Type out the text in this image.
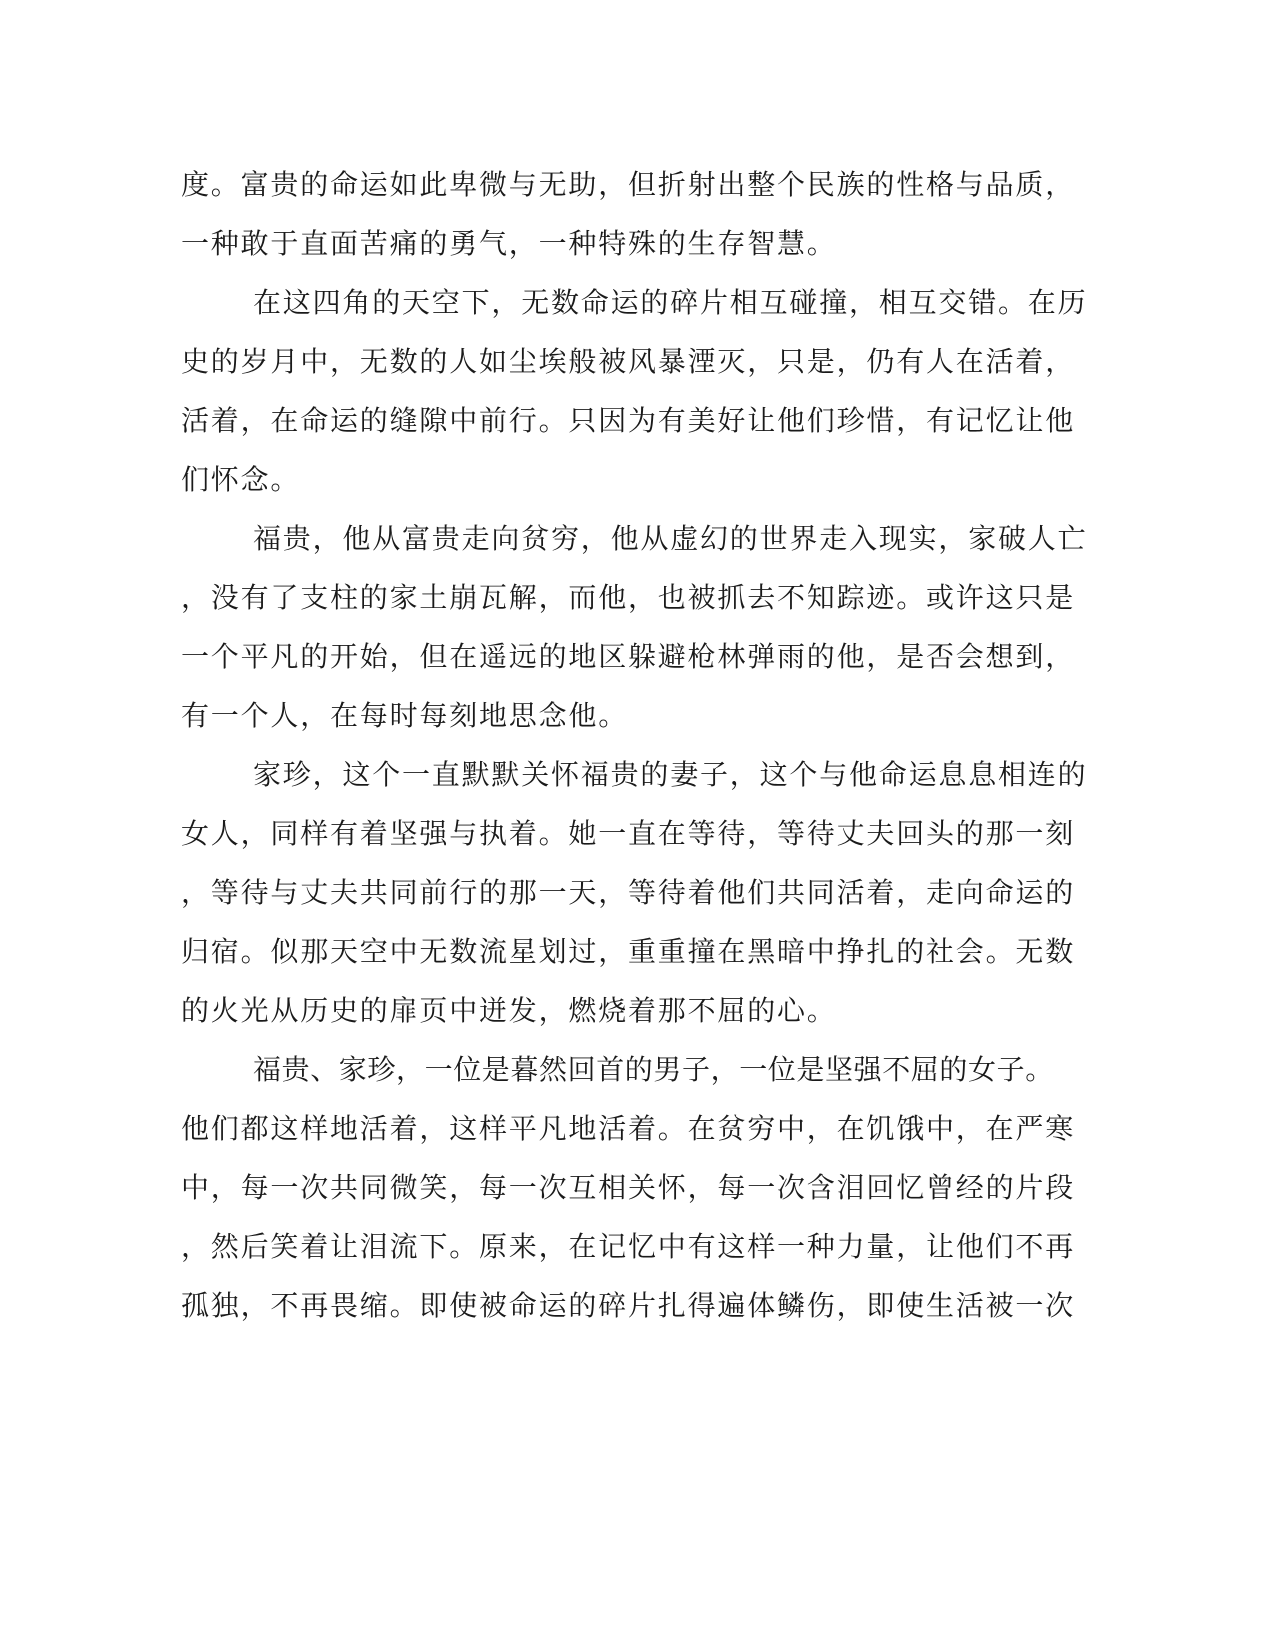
度。富贵的命运如此卑微与无助，但折射出整个民族的性格与品质，
一种敢于直面苦痛的勇气，一种特殊的生存智慧。
在这四角的天空下，无数命运的碎片相互碰撞，相互交错。在历
史的岁月中，无数的人如尘埃般被风暴湮灭，只是，仍有人在活着，
活着，在命运的缝隙中前行。只因为有美好让他们珍惜，有记忆让他
们怀念。
福贵，他从富贵走向贫穷，他从虚幻的世界走入现实，家破人亡
，没有了支柱的家土崩瓦解，而他，也被抓去不知踪迹。或许这只是
一个平凡的开始，但在遥远的地区躲避枪林弹雨的他，是否会想到，
有一个人，在每时每刻地思念他。
家珍，这个一直默默关怀福贵的妻子，这个与他命运息息相连的
女人，同样有着坚强与执着。她一直在等待，等待丈夫回头的那一刻
，等待与丈夫共同前行的那一天，等待着他们共同活着，走向命运的
归宿。似那天空中无数流星划过，重重撞在黑暗中挣扎的社会。无数
的火光从历史的扉页中迸发，燃烧着那不屈的心。
福贵、家珍，一位是暮然回首的男子，一位是坚强不屈的女子。
他们都这样地活着，这样平凡地活着。在贫穷中，在饥饿中，在严寒
中，每一次共同微笑，每一次互相关怀，每一次含泪回忆曾经的片段
，然后笑着让泪流下。原来，在记忆中有这样一种力量，让他们不再
孤独，不再畏缩。即使被命运的碎片扎得遍体鳞伤，即使生活被一次
